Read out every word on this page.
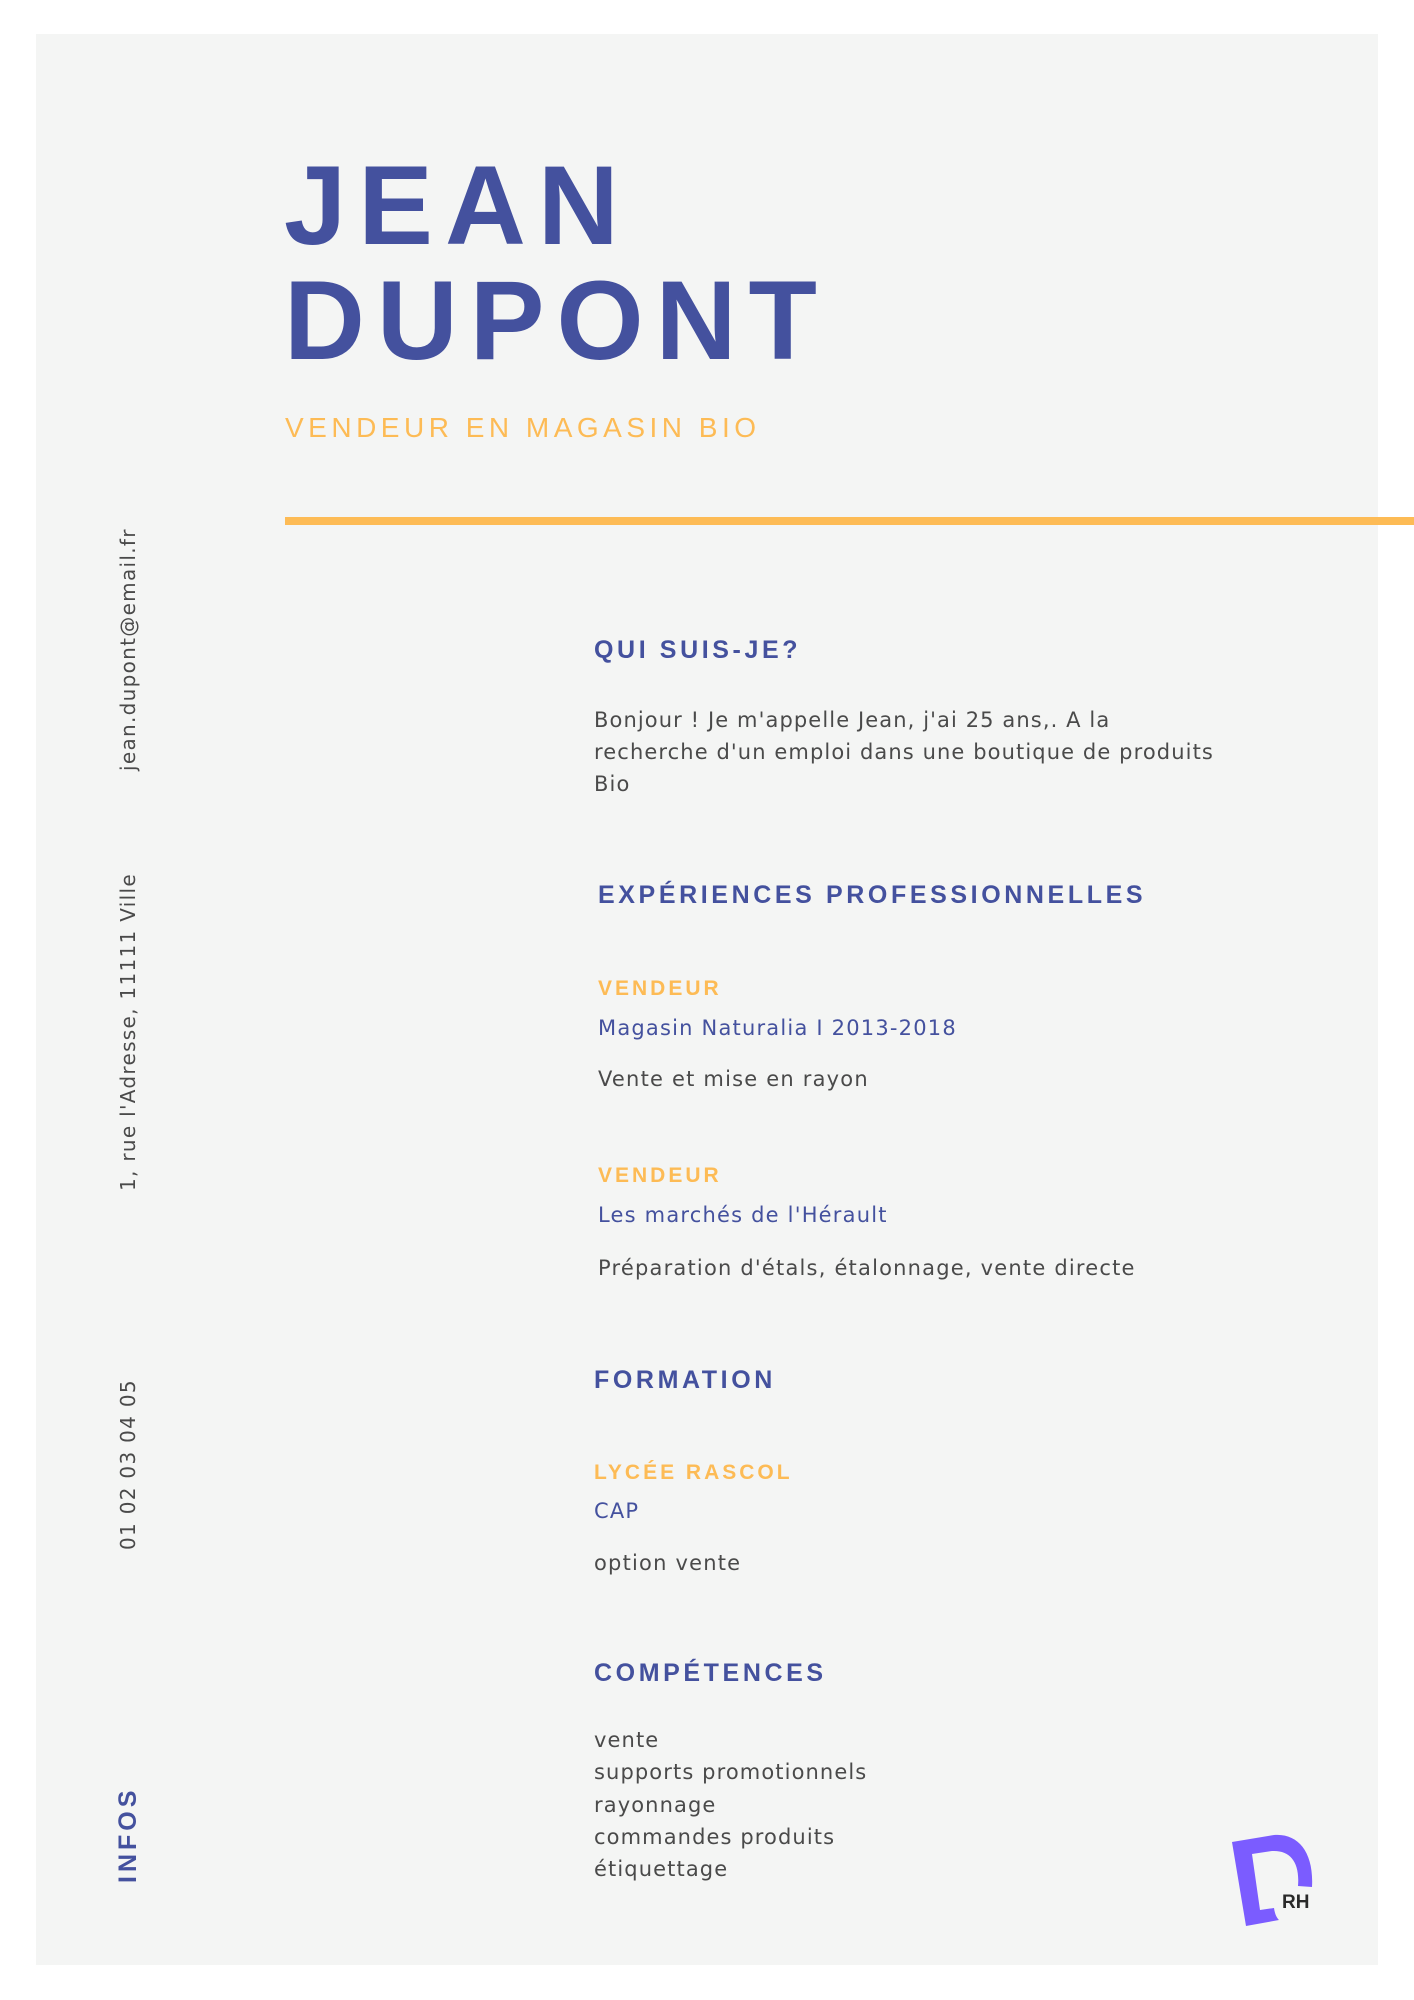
JEAN
DUPONT
VENDEUR EN MAGASIN BIO
jean.dupont@email.fr
1, rue l'Adresse, 11111 Ville
01 02 03 04 05
INFOS
QUI SUIS-JE?
Bonjour ! Je m'appelle Jean, j'ai 25 ans,. A la recherche d'un emploi dans une boutique de produits Bio
EXPÉRIENCES PROFESSIONNELLES
VENDEUR
Magasin Naturalia I 2013-2018
Vente et mise en rayon
VENDEUR
Les marchés de l'Hérault
Préparation d'étals, étalonnage, vente directe
FORMATION
LYCÉE RASCOL
CAP
option vente
COMPÉTENCES
vente
supports promotionnels
rayonnage
commandes produits
étiquettage
RH
